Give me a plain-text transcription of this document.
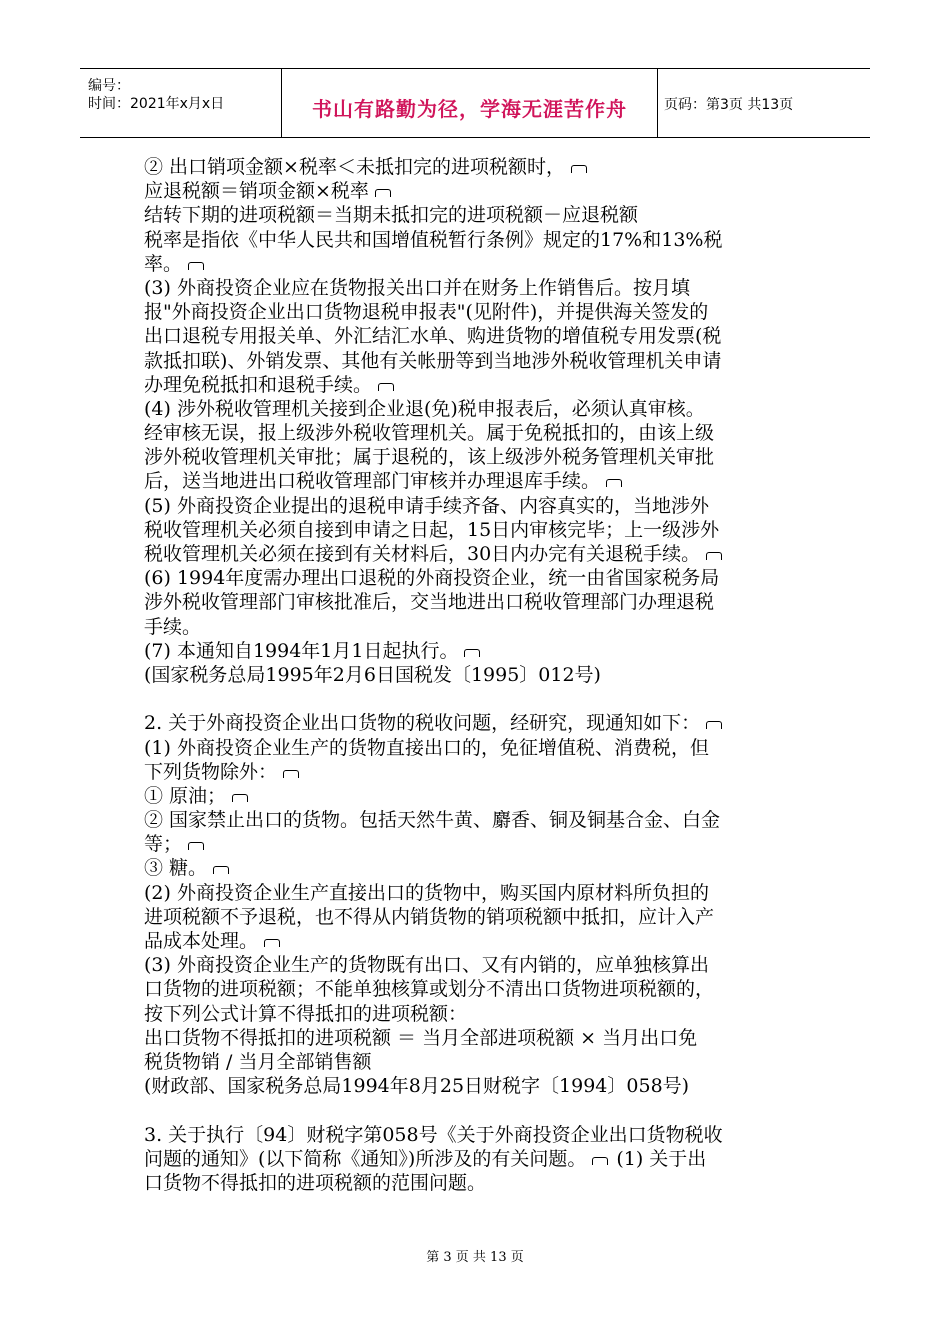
编号：
时间：2021年x月x日	书山有路勤为径，学海无涯苦作舟	页码：第3页 共13页
② 出口销项金额×税率＜未抵扣完的进项税额时，
应退税额＝销项金额×税率
结转下期的进项税额＝当期未抵扣完的进项税额－应退税额
税率是指依《中华人民共和国增值税暂行条例》规定的17%和13%税
率。
(3) 外商投资企业应在货物报关出口并在财务上作销售后。按月填
报"外商投资企业出口货物退税申报表"(见附件)，并提供海关签发的
出口退税专用报关单、外汇结汇水单、购进货物的增值税专用发票(税
款抵扣联)、外销发票、其他有关帐册等到当地涉外税收管理机关申请
办理免税抵扣和退税手续。
(4) 涉外税收管理机关接到企业退(免)税申报表后，必须认真审核。
经审核无误，报上级涉外税收管理机关。属于免税抵扣的，由该上级
涉外税收管理机关审批；属于退税的，该上级涉外税务管理机关审批
后，送当地进出口税收管理部门审核并办理退库手续。
(5) 外商投资企业提出的退税申请手续齐备、内容真实的，当地涉外
税收管理机关必须自接到申请之日起，15日内审核完毕；上一级涉外
税收管理机关必须在接到有关材料后，30日内办完有关退税手续。
(6) 1994年度需办理出口退税的外商投资企业，统一由省国家税务局
涉外税收管理部门审核批准后，交当地进出口税收管理部门办理退税
手续。
(7) 本通知自1994年1月1日起执行。
(国家税务总局1995年2月6日国税发〔1995〕012号)
2. 关于外商投资企业出口货物的税收问题，经研究，现通知如下：
(1) 外商投资企业生产的货物直接出口的，免征增值税、消费税，但
下列货物除外：
① 原油；
② 国家禁止出口的货物。包括天然牛黄、麝香、铜及铜基合金、白金
等；
③ 糖。
(2) 外商投资企业生产直接出口的货物中，购买国内原材料所负担的
进项税额不予退税，也不得从内销货物的销项税额中抵扣，应计入产
品成本处理。
(3) 外商投资企业生产的货物既有出口、又有内销的，应单独核算出
口货物的进项税额；不能单独核算或划分不清出口货物进项税额的，
按下列公式计算不得抵扣的进项税额：
出口货物不得抵扣的进项税额 ＝ 当月全部进项税额 × 当月出口免
税货物销 / 当月全部销售额
(财政部、国家税务总局1994年8月25日财税字〔1994〕058号)
3. 关于执行〔94〕财税字第058号《关于外商投资企业出口货物税收
问题的通知》(以下简称《通知》)所涉及的有关问题。 (1) 关于出
口货物不得抵扣的进项税额的范围问题。
第 3 页 共 13 页
